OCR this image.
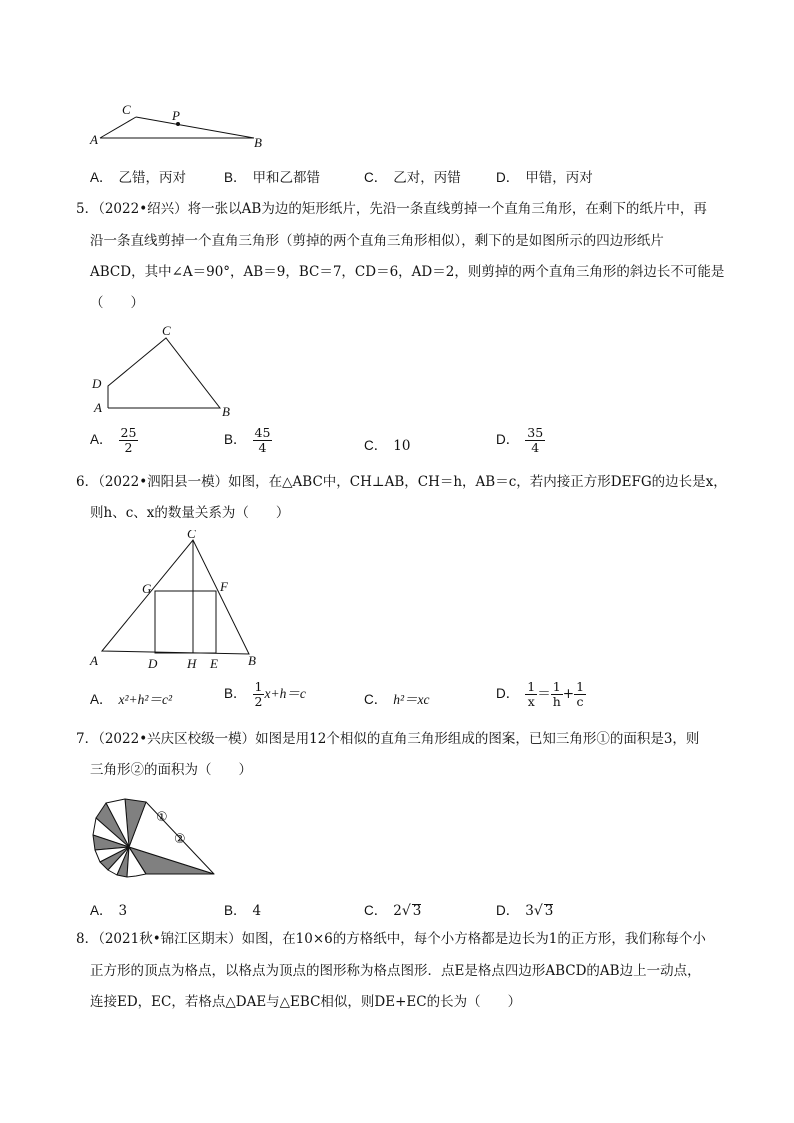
C	P
A	B
A． 乙错，丙对	B． 甲和乙都错	C． 乙对，丙错	D． 甲错，丙对
5．（2022•绍兴）将一张以AB为边的矩形纸片，先沿一条直线剪掉一个直角三角形，在剩下的纸片中，再
沿一条直线剪掉一个直角三角形（剪掉的两个直角三角形相似），剩下的是如图所示的四边形纸片
ABCD，其中∠A＝90°，AB＝9，BC＝7，CD＝6，AD＝2，则剪掉的两个直角三角形的斜边长不可能是
（　　）
C
D
A	B
A． $\frac{25}{2}$	B． $\frac{45}{4}$	C． 10	D． $\frac{35}{4}$
6．（2022•泗阳县一模）如图，在△ABC中，CH⊥AB，CH＝h，AB＝c，若内接正方形DEFG的边长是x，
则h、c、x的数量关系为（　　）
C
G	F
A	D H E B
A． x²+h²＝c²	B． $\frac{1}{2} x+h=c$	C． h²＝xc	D． $\frac{1}{x} = \frac{1}{h} + \frac{1}{c}$
7．（2022•兴庆区校级一模）如图是用12个相似的直角三角形组成的图案，已知三角形①的面积是3，则
三角形②的面积为（　　）
①
②
A． 3	B． 4	C． 2√ 3	D． 3√ 3
8．（2021秋•锦江区期末）如图，在10×6的方格纸中，每个小方格都是边长为1的正方形，我们称每个小
正方形的顶点为格点，以格点为顶点的图形称为格点图形．点E是格点四边形ABCD的AB边上一动点，
连接ED，EC，若格点△DAE与△EBC相似，则DE+EC的长为（　　）
